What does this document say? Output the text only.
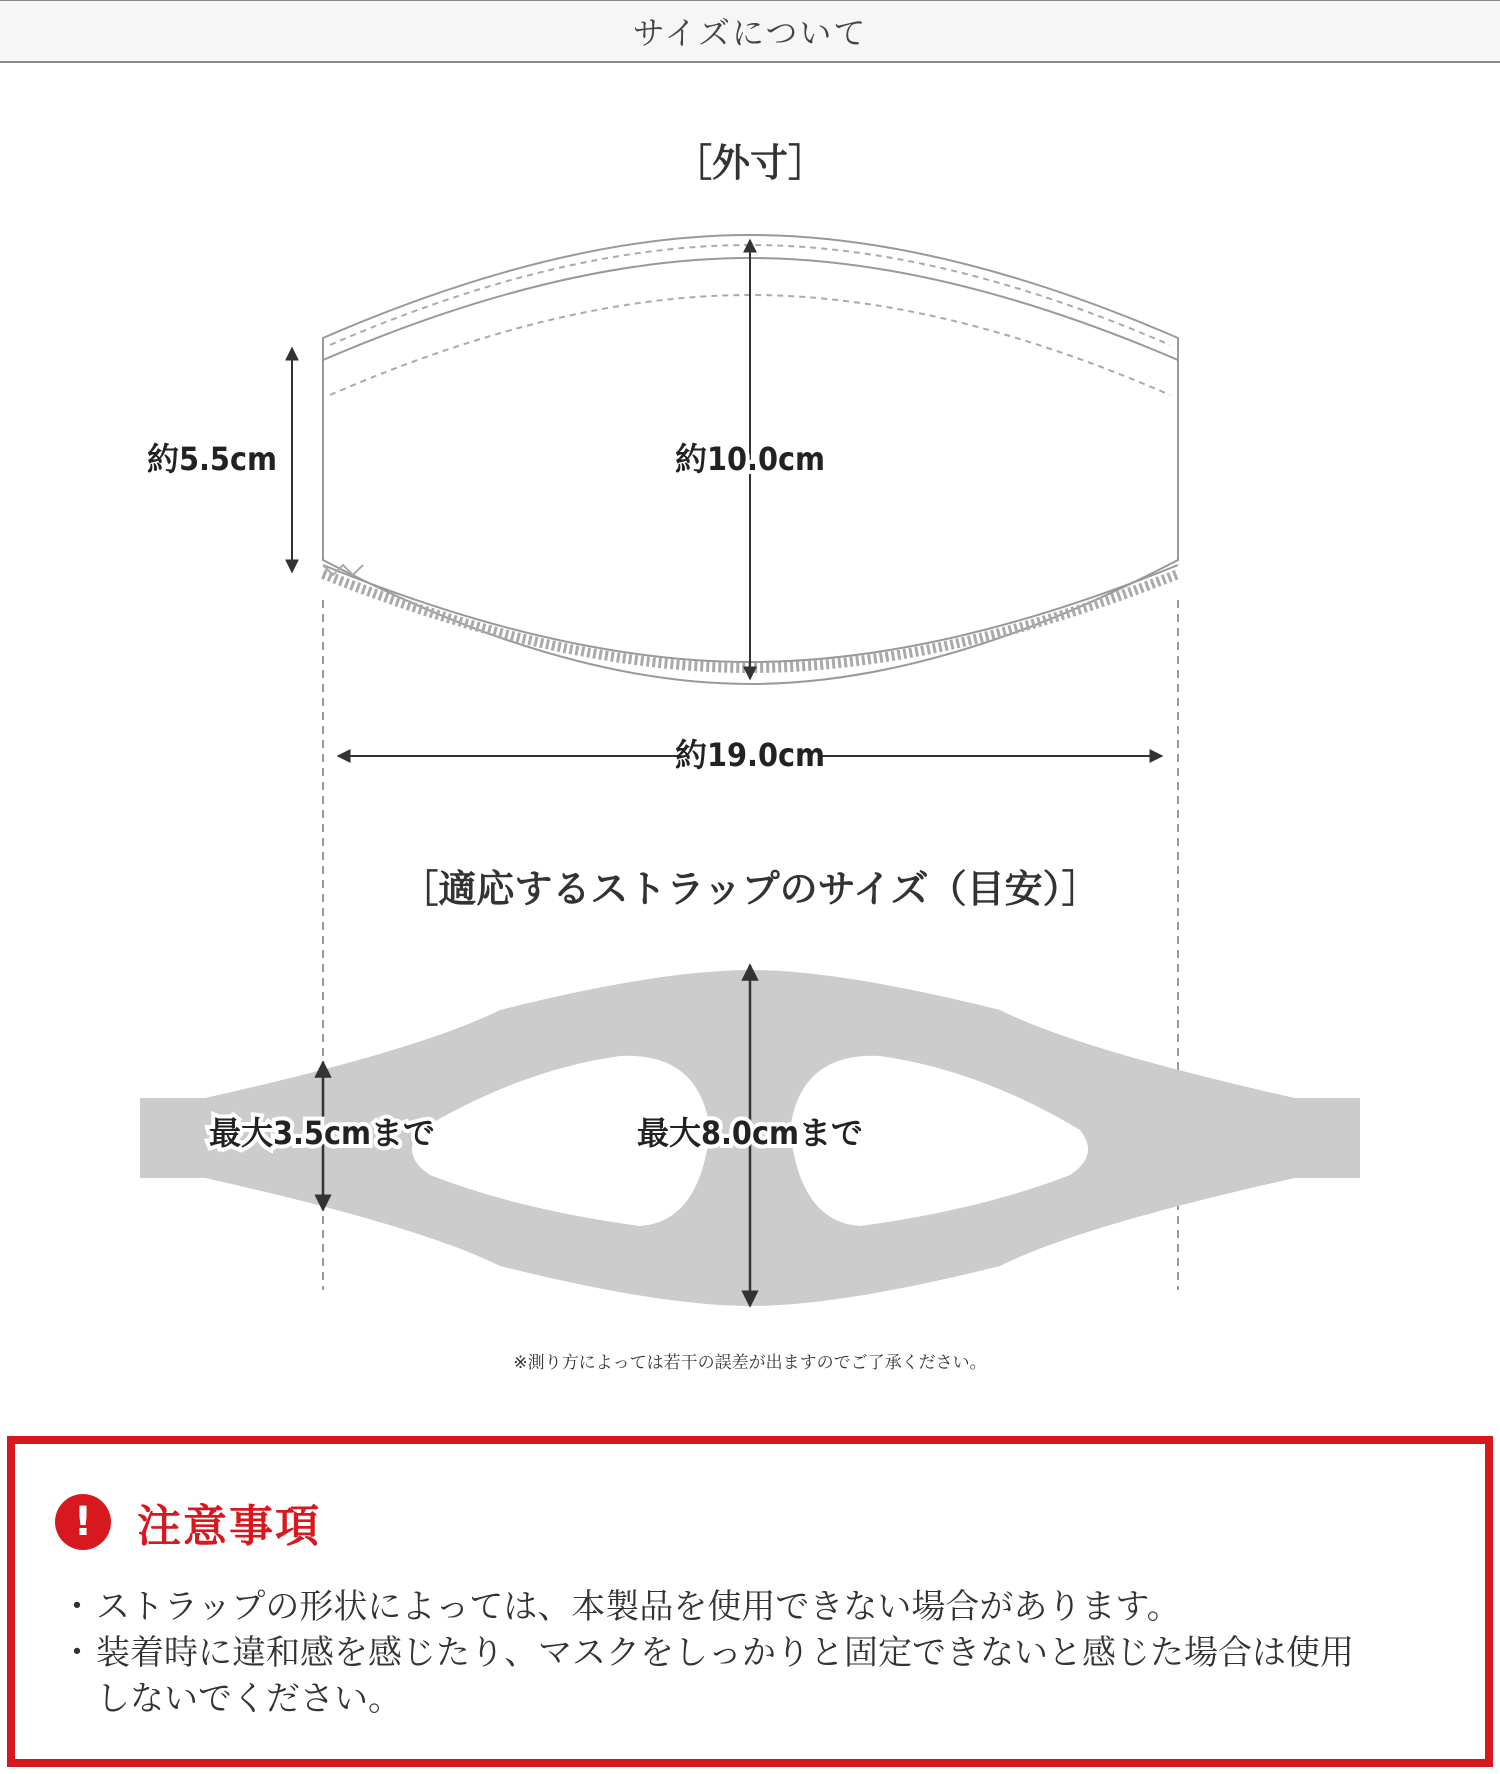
サイズについて
［外寸］
［適応するストラップのサイズ（目安）］
約5.5cm	約10.0cm
約19.0cm
最大3.5cmまで	最大8.0cmまで
※測り方によっては若干の誤差が出ますのでご了承ください。
!	注意事項
・ ストラップの形状によっては、本製品を使用できない場合があります。
・ 装着時に違和感を感じたり、マスクをしっかりと固定できないと感じた場合は使用しないでください。
